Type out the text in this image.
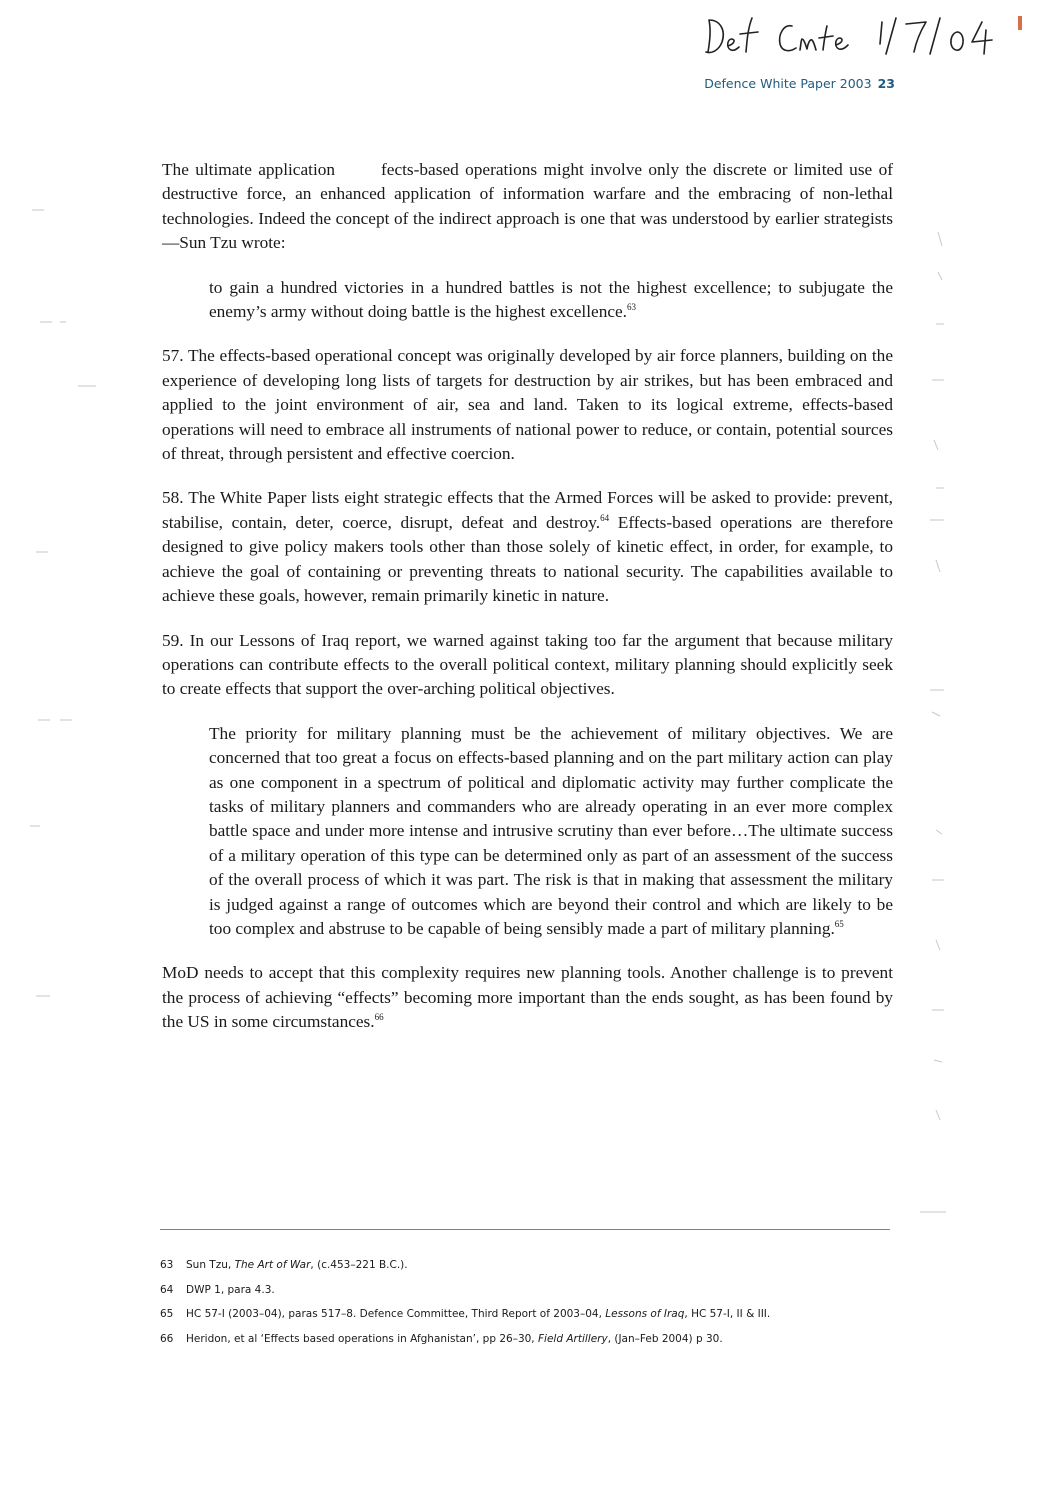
Defence White Paper 2003 23

The ultimate application	fects-based operations might involve only the discrete or limited use of destructive force, an enhanced application of information warfare and the embracing of non-lethal technologies. Indeed the concept of the indirect approach is one that was understood by earlier strategists—Sun Tzu wrote:

to gain a hundred victories in a hundred battles is not the highest excellence; to subjugate the enemy’s army without doing battle is the highest excellence.$^{63}$

57. The effects-based operational concept was originally developed by air force planners, building on the experience of developing long lists of targets for destruction by air strikes, but has been embraced and applied to the joint environment of air, sea and land. Taken to its logical extreme, effects-based operations will need to embrace all instruments of national power to reduce, or contain, potential sources of threat, through persistent and effective coercion.

58. The White Paper lists eight strategic effects that the Armed Forces will be asked to provide: prevent, stabilise, contain, deter, coerce, disrupt, defeat and destroy.$^{64}$ Effects-based operations are therefore designed to give policy makers tools other than those solely of kinetic effect, in order, for example, to achieve the goal of containing or preventing threats to national security. The capabilities available to achieve these goals, however, remain primarily kinetic in nature.

59. In our Lessons of Iraq report, we warned against taking too far the argument that because military operations can contribute effects to the overall political context, military planning should explicitly seek to create effects that support the over-arching political objectives.

The priority for military planning must be the achievement of military objectives. We are concerned that too great a focus on effects-based planning and on the part military action can play as one component in a spectrum of political and diplomatic activity may further complicate the tasks of military planners and commanders who are already operating in an ever more complex battle space and under more intense and intrusive scrutiny than ever before…The ultimate success of a military operation of this type can be determined only as part of an assessment of the success of the overall process of which it was part. The risk is that in making that assessment the military is judged against a range of outcomes which are beyond their control and which are likely to be too complex and abstruse to be capable of being sensibly made a part of military planning.$^{65}$

MoD needs to accept that this complexity requires new planning tools. Another challenge is to prevent the process of achieving “effects” becoming more important than the ends sought, as has been found by the US in some circumstances.$^{66}$

63	Sun Tzu, The Art of War, (c.453–221 B.C.).
64	DWP 1, para 4.3.
65	HC 57-I (2003–04), paras 517–8. Defence Committee, Third Report of 2003–04, Lessons of Iraq, HC 57-I, II & III.
66	Heridon, et al ‘Effects based operations in Afghanistan’, pp 26–30, Field Artillery, (Jan–Feb 2004) p 30.
